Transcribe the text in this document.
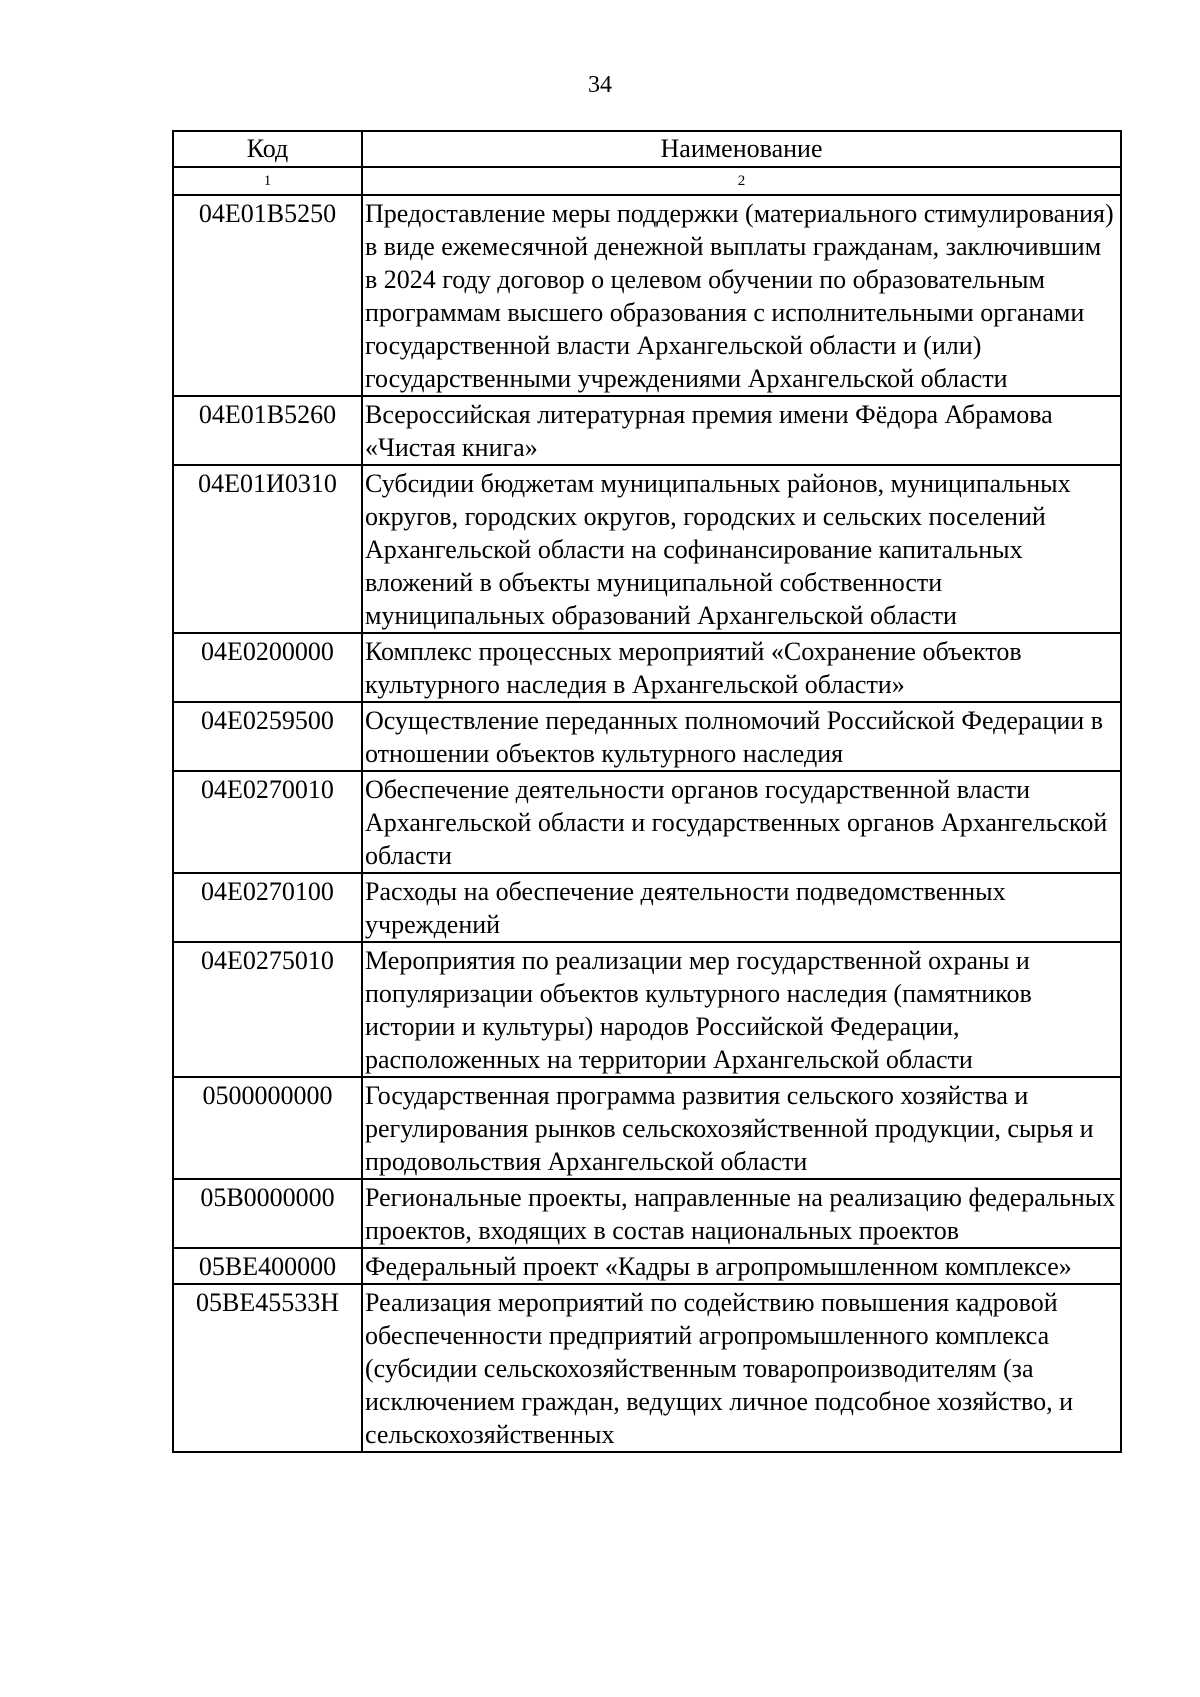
34
Код	Наименование
1	2
04Е01В5250	Предоставление меры поддержки (материального стимулирования) в виде ежемесячной денежной выплаты гражданам, заключившим в 2024 году договор о целевом обучении по образовательным программам высшего образования с исполнительными органами государственной власти Архангельской области и (или) государственными учреждениями Архангельской области
04Е01В5260	Всероссийская литературная премия имени Фёдора Абрамова «Чистая книга»
04Е01И0310	Субсидии бюджетам муниципальных районов, муниципальных округов, городских округов, городских и сельских поселений Архангельской области на софинансирование капитальных вложений в объекты муниципальной собственности муниципальных образований Архангельской области
04Е0200000	Комплекс процессных мероприятий «Сохранение объектов культурного наследия в Архангельской области»
04Е0259500	Осуществление переданных полномочий Российской Федерации в отношении объектов культурного наследия
04Е0270010	Обеспечение деятельности органов государственной власти Архангельской области и государственных органов Архангельской области
04Е0270100	Расходы на обеспечение деятельности подведомственных учреждений
04Е0275010	Мероприятия по реализации мер государственной охраны и популяризации объектов культурного наследия (памятников истории и культуры) народов Российской Федерации, расположенных на территории Архангельской области
0500000000	Государственная программа развития сельского хозяйства и регулирования рынков сельскохозяйственной продукции, сырья и продовольствия Архангельской области
05В0000000	Региональные проекты, направленные на реализацию федеральных проектов, входящих в состав национальных проектов
05ВЕ400000	Федеральный проект «Кадры в агропромышленном комплексе»
05ВЕ45533Н	Реализация мероприятий по содействию повышения кадровой обеспеченности предприятий агропромышленного комплекса (субсидии сельскохозяйственным товаропроизводителям (за исключением граждан, ведущих личное подсобное хозяйство, и сельскохозяйственных
